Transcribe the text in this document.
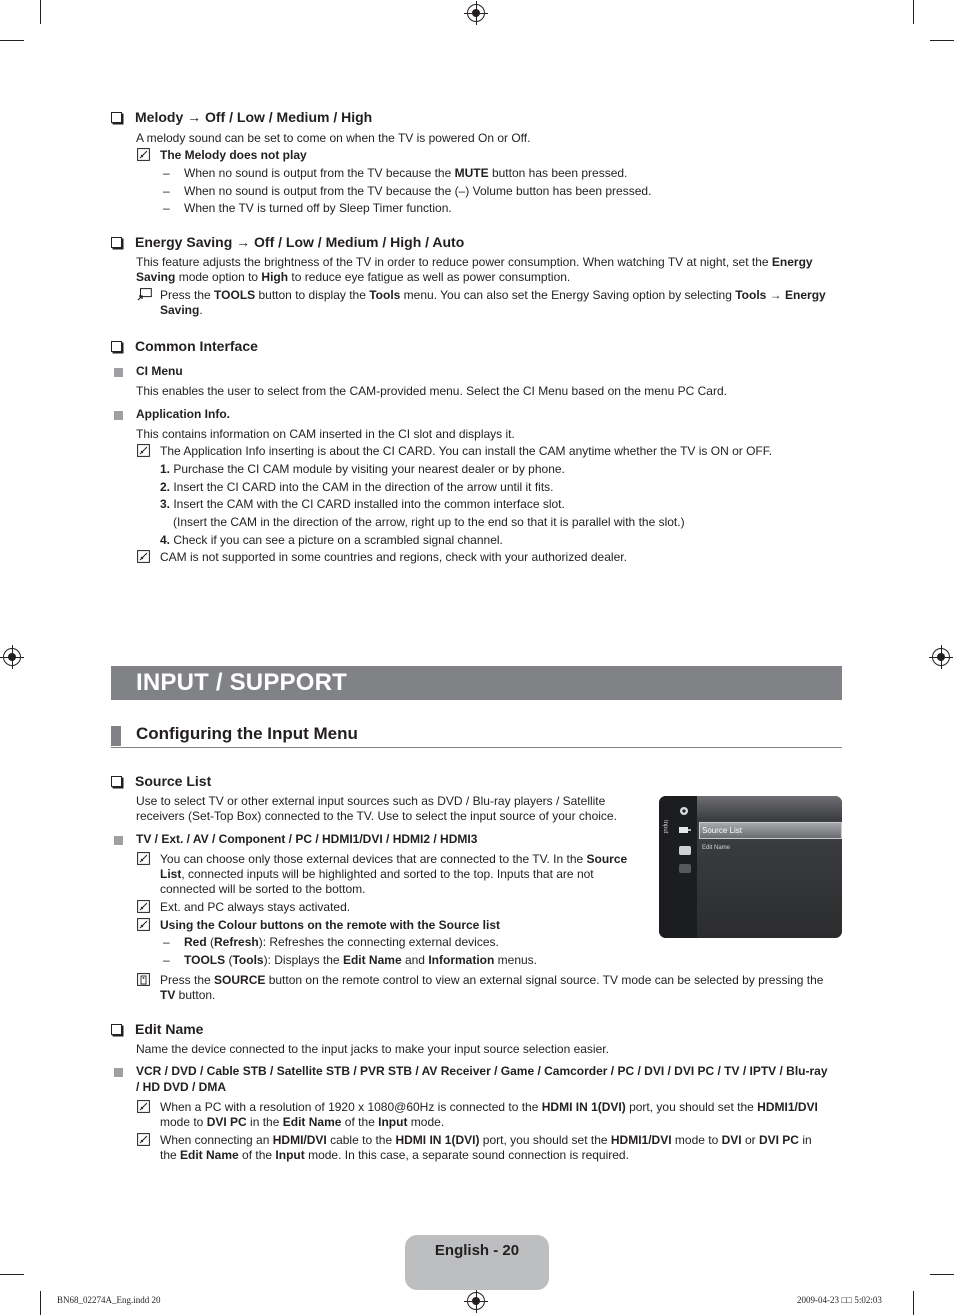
Melody → Off / Low / Medium / High
A melody sound can be set to come on when the TV is powered On or Off.
The Melody does not play
– When no sound is output from the TV because the MUTE button has been pressed.
– When no sound is output from the TV because the (–) Volume button has been pressed.
– When the TV is turned off by Sleep Timer function.
Energy Saving → Off / Low / Medium / High / Auto
This feature adjusts the brightness of the TV in order to reduce power consumption. When watching TV at night, set the Energy
Saving mode option to High to reduce eye fatigue as well as power consumption.
Press the TOOLS button to display the Tools menu. You can also set the Energy Saving option by selecting Tools → Energy
Saving.
Common Interface
CI Menu
This enables the user to select from the CAM-provided menu. Select the CI Menu based on the menu PC Card.
Application Info.
This contains information on CAM inserted in the CI slot and displays it.
The Application Info inserting is about the CI CARD. You can install the CAM anytime whether the TV is ON or OFF.
1. Purchase the CI CAM module by visiting your nearest dealer or by phone.
2. Insert the CI CARD into the CAM in the direction of the arrow until it fits.
3. Insert the CAM with the CI CARD installed into the common interface slot.
(Insert the CAM in the direction of the arrow, right up to the end so that it is parallel with the slot.)
4. Check if you can see a picture on a scrambled signal channel.
CAM is not supported in some countries and regions, check with your authorized dealer.
INPUT / SUPPORT
Configuring the Input Menu
Source List
Use to select TV or other external input sources such as DVD / Blu-ray players / Satellite
receivers (Set-Top Box) connected to the TV. Use to select the input source of your choice.
TV / Ext. / AV / Component / PC / HDMI1/DVI / HDMI2 / HDMI3
You can choose only those external devices that are connected to the TV. In the Source
List, connected inputs will be highlighted and sorted to the top. Inputs that are not
connected will be sorted to the bottom.
Ext. and PC always stays activated.
Using the Colour buttons on the remote with the Source list
– Red (Refresh): Refreshes the connecting external devices.
– TOOLS (Tools): Displays the Edit Name and Information menus.
Press the SOURCE button on the remote control to view an external signal source. TV mode can be selected by pressing the
TV button.
Input	Source List
Edit Name
Edit Name
Name the device connected to the input jacks to make your input source selection easier.
VCR / DVD / Cable STB / Satellite STB / PVR STB / AV Receiver / Game / Camcorder / PC / DVI / DVI PC / TV / IPTV / Blu-ray
/ HD DVD / DMA
When a PC with a resolution of 1920 x 1080@60Hz is connected to the HDMI IN 1(DVI) port, you should set the HDMI1/DVI
mode to DVI PC in the Edit Name of the Input mode.
When connecting an HDMI/DVI cable to the HDMI IN 1(DVI) port, you should set the HDMI1/DVI mode to DVI or DVI PC in
the Edit Name of the Input mode. In this case, a separate sound connection is required.
English - 20
BN68_02274A_Eng.indd 20	2009-04-23 □□ 5:02:03
